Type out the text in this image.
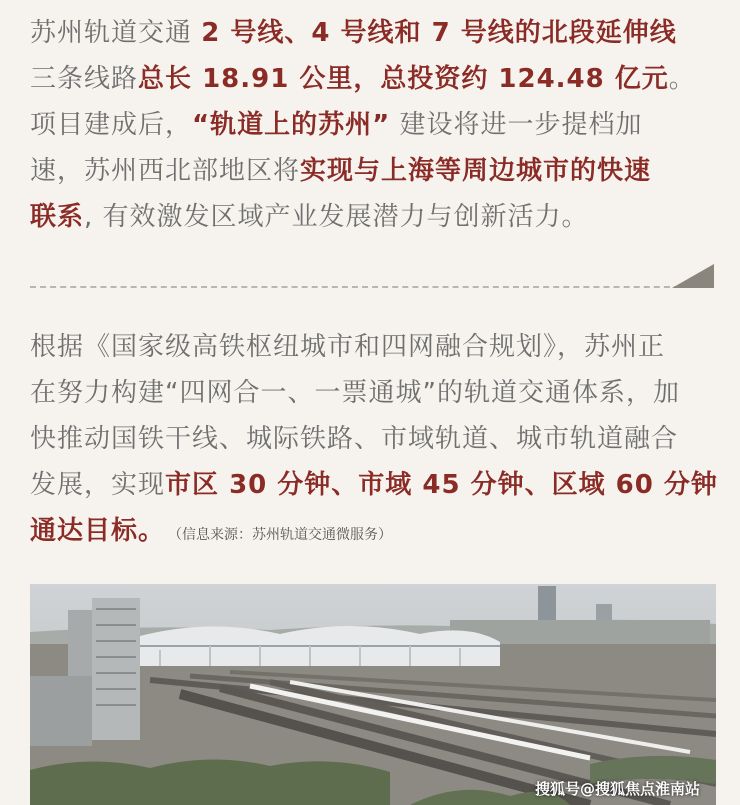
苏州轨道交通 2 号线、4 号线和 7 号线的北段延伸线
三条线路总长 18.91 公里，总投资约 124.48 亿元。
项目建成后，“轨道上的苏州” 建设将进一步提档加
速，苏州西北部地区将实现与上海等周边城市的快速
联系, 有效激发区域产业发展潜力与创新活力。
根据《国家级高铁枢纽城市和四网融合规划》，苏州正
在努力构建“四网合一、一票通城”的轨道交通体系，加
快推动国铁干线、城际铁路、市域轨道、城市轨道融合
发展，实现市区 30 分钟、市域 45 分钟、区域 60 分钟
通达目标。 （信息来源：苏州轨道交通微服务）
搜狐号@搜狐焦点淮南站
